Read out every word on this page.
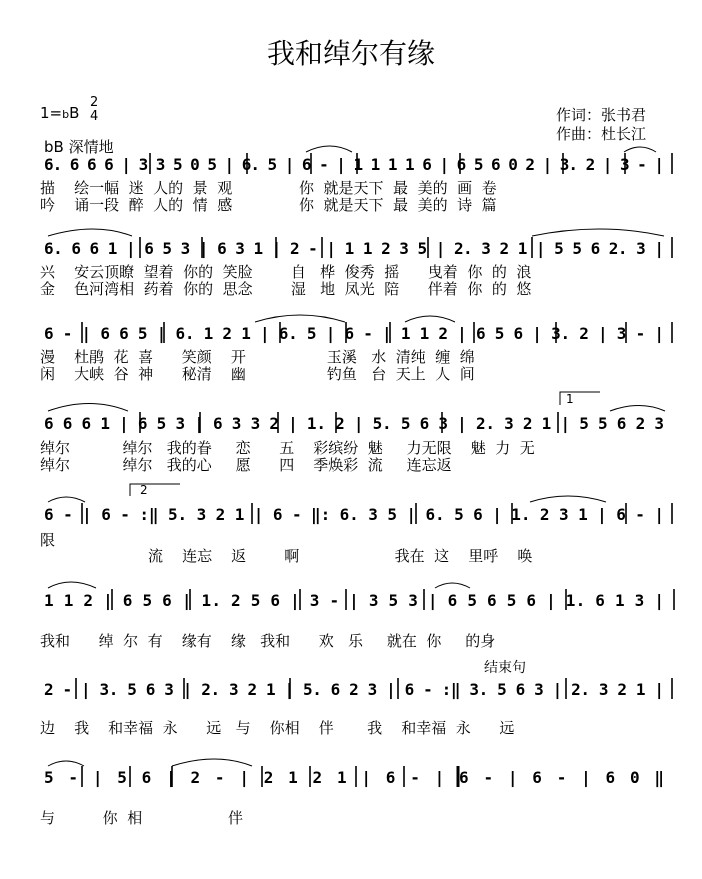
我和绰尔有缘
1=bB
2
4
bB 深情地
作词：张书君
作曲：杜长江
6. 6 6 6 | 3 3 5 0 5 | 6. 5 | 6 - | 1 1 1 1 6 | 6 5 6 0 2 | 3. 2 | 3 - |
6. 6 6 1 | 6 5 3 | 6 3 1 | 2 - | 1 1 2 3 5 | 2. 3 2 1 | 5 5 6 2. 3 |
6 - | 6 6 5 | 6. 1 2 1 | 6. 5 | 6 - | 1 1 2 | 6 5 6 | 3. 2 | 3 - |
6 6 6 1 | 6 5 3 | 6 3 3 2 | 1. 2 | 5. 5 6 3 | 2. 3 2 1 | 5 5 6 2 3
6 - | 6 - :‖ 5. 3 2 1 | 6 - ‖: 6. 3 5 | 6. 5 6 | 1. 2 3 1 | 6 - |
1 1 2 | 6 5 6 | 1. 2 5 6 | 3 - | 3 5 3 | 6 5 6 5 6 | 1. 6 1 3 |
2 - | 3. 5 6 3 | 2. 3 2 1 | 5. 6 2 3 | 6 - :‖ 3. 5 6 3 | 2. 3 2 1 |
5 - | 5 6 | 2 - | 2 1 2 1 | 6 - | 6 - | 6 - | 6 0 ‖
1
2
结束句
描    绘一幅  迷  人的  景  观              你  就是天下  最  美的  画  卷
吟    诵一段  醉  人的  情  感              你  就是天下  最  美的  诗  篇
兴    安云顶瞭  望着  你的  笑脸        自   桦  俊秀  摇      曳着  你  的  浪
金    色河湾相  药着  你的  思念        湿   地  凤光  陪      伴着  你  的  悠
漫    杜鹃  花  喜      笑颜    开                 玉溪   水  清纯  缠  绵
闲    大峡  谷  神      秘清    幽                 钓鱼   台  天上  人  间
绰尔           绰尔   我的眷     恋      五    彩缤纷  魅     力无限    魅  力  无
绰尔           绰尔   我的心     愿      四    季焕彩  流     连忘返
限
流    连忘    返        啊                    我在  这    里呼    唤
我和      绰  尔  有    缘有    缘   我和      欢   乐     就在  你     的身
边    我    和幸福  永      远   与    你相    伴       我    和幸福  永      远
与          你  相                  伴
